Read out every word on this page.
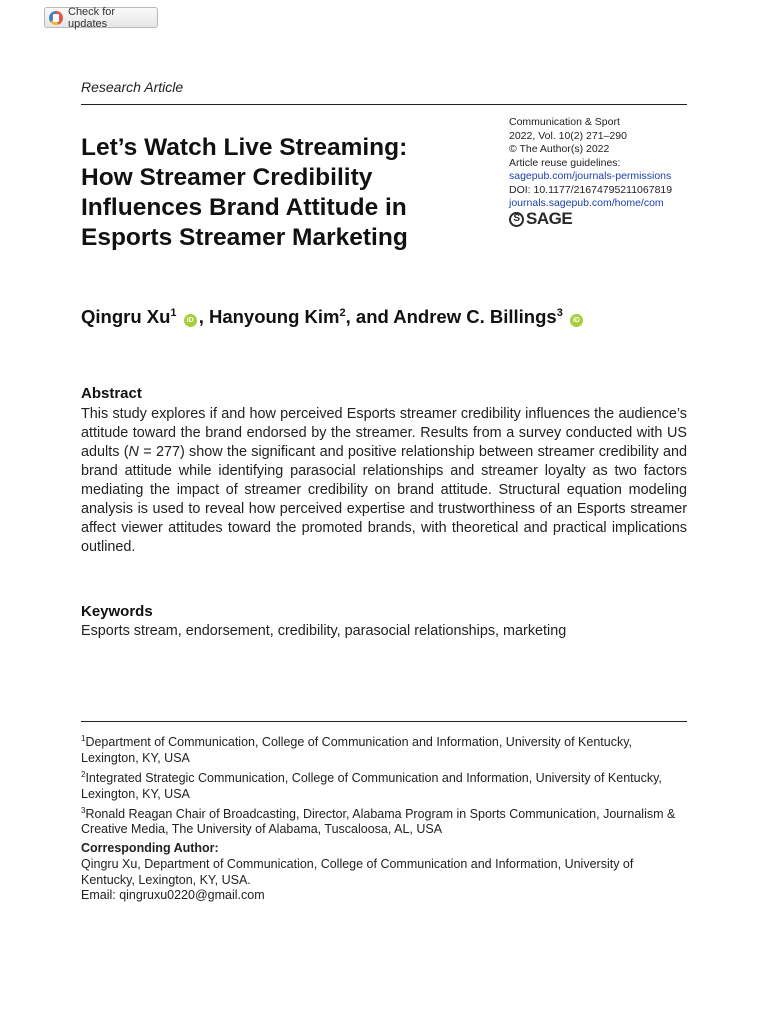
Check for updates
Research Article
Let’s Watch Live Streaming:
How Streamer Credibility
Influences Brand Attitude in
Esports Streamer Marketing
Communication & Sport
2022, Vol. 10(2) 271–290
© The Author(s) 2022
Article reuse guidelines:
sagepub.com/journals-permissions
DOI: 10.1177/21674795211067819
journals.sagepub.com/home/com
S SAGE
Qingru Xu$^1$ iD , Hanyoung Kim$^2$, and Andrew C. Billings$^3$ iD
Abstract

This study explores if and how perceived Esports streamer credibility influences the audience’s attitude toward the brand endorsed by the streamer. Results from a survey conducted with US adults (N = 277) show the significant and positive relationship between streamer credibility and brand attitude while identifying parasocial relationships and streamer loyalty as two factors mediating the impact of streamer credibility on brand attitude. Structural equation modeling analysis is used to reveal how perceived expertise and trustworthiness of an Esports streamer affect viewer attitudes toward the promoted brands, with theoretical and practical implications outlined.

Keywords
Esports stream, endorsement, credibility, parasocial relationships, marketing

$^1$Department of Communication, College of Communication and Information, University of Kentucky, Lexington, KY, USA

$^2$Integrated Strategic Communication, College of Communication and Information, University of Kentucky, Lexington, KY, USA

$^3$Ronald Reagan Chair of Broadcasting, Director, Alabama Program in Sports Communication, Journalism & Creative Media, The University of Alabama, Tuscaloosa, AL, USA

Corresponding Author:
Qingru Xu, Department of Communication, College of Communication and Information, University of Kentucky, Lexington, KY, USA.
Email: qingruxu0220@gmail.com
